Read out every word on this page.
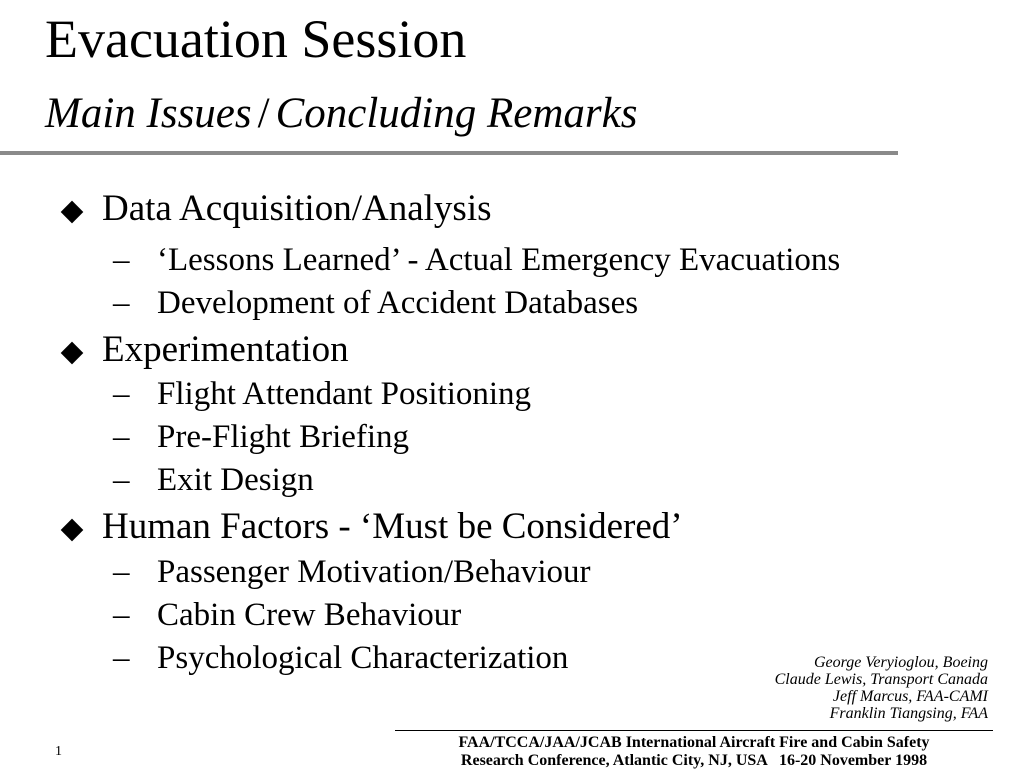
Evacuation Session
Main Issues / Concluding Remarks
Data Acquisition/Analysis
– ‘Lessons Learned’ - Actual Emergency Evacuations
– Development of Accident Databases
Experimentation
– Flight Attendant Positioning
– Pre-Flight Briefing
– Exit Design
Human Factors - ‘Must be Considered’
– Passenger Motivation/Behaviour
– Cabin Crew Behaviour
– Psychological Characterization	George Veryioglou, Boeing
Claude Lewis, Transport Canada
Jeff Marcus, FAA-CAMI
Franklin Tiangsing, FAA
FAA/TCCA/JAA/JCAB International Aircraft Fire and Cabin Safety
Research Conference, Atlantic City, NJ, USA   16-20 November 1998
1
